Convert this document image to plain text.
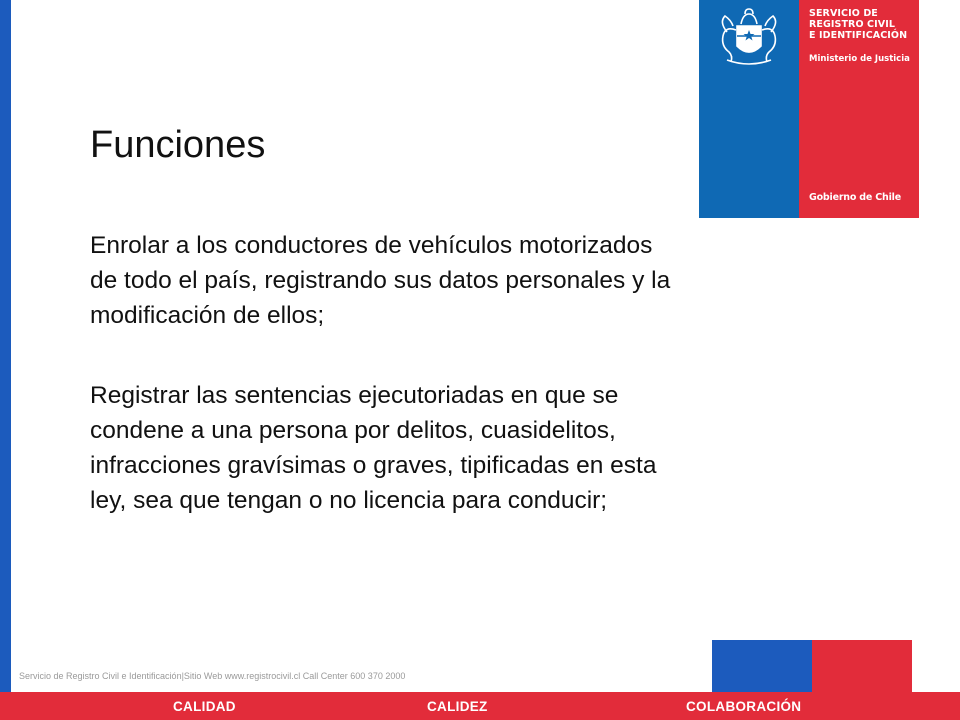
SERVICIO DE
REGISTRO CIVIL
E IDENTIFICACIÓN
Ministerio de Justicia
Gobierno de Chile
Funciones
Enrolar a los conductores de vehículos motorizados
de todo el país, registrando sus datos personales y la
modificación de ellos;
Registrar las sentencias ejecutoriadas en que se
condene a una persona por delitos, cuasidelitos,
infracciones gravísimas o graves, tipificadas en esta
ley, sea que tengan o no licencia para conducir;
Servicio de Registro Civil e Identificación|Sitio Web www.registrocivil.cl Call Center 600 370 2000
CALIDAD	CALIDEZ	COLABORACIÓN
